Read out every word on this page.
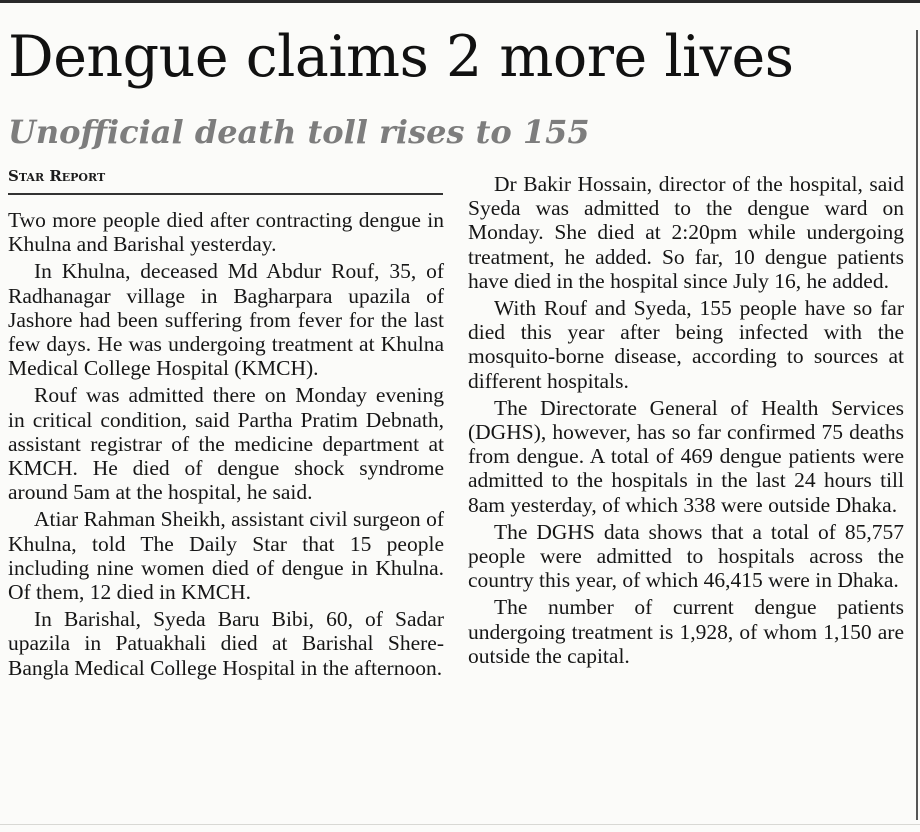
Dengue claims 2 more lives
Unofficial death toll rises to 155
Star Report

Two more people died after contracting dengue in Khulna and Barishal yesterday.

In Khulna, deceased Md Abdur Rouf, 35, of Radhanagar village in Bagharpara upazila of Jashore had been suffering from fever for the last few days. He was undergoing treatment at Khulna Medical College Hospital (KMCH).

Rouf was admitted there on Monday evening in critical condition, said Partha Pratim Debnath, assistant registrar of the medicine department at KMCH. He died of dengue shock syndrome around 5am at the hospital, he said.

Atiar Rahman Sheikh, assistant civil surgeon of Khulna, told The Daily Star that 15 people including nine women died of dengue in Khulna. Of them, 12 died in KMCH.

In Barishal, Syeda Baru Bibi, 60, of Sadar upazila in Patuakhali died at Barishal Shere-Bangla Medical College Hospital in the afternoon.

Dr Bakir Hossain, director of the hospital, said Syeda was admitted to the dengue ward on Monday. She died at 2:20pm while undergoing treatment, he added. So far, 10 dengue patients have died in the hospital since July 16, he added.

With Rouf and Syeda, 155 people have so far died this year after being infected with the mosquito-borne disease, according to sources at different hospitals.

The Directorate General of Health Services (DGHS), however, has so far confirmed 75 deaths from dengue. A total of 469 dengue patients were admitted to the hospitals in the last 24 hours till 8am yesterday, of which 338 were outside Dhaka.

The DGHS data shows that a total of 85,757 people were admitted to hospitals across the country this year, of which 46,415 were in Dhaka.

The number of current dengue patients undergoing treatment is 1,928, of whom 1,150 are outside the capital.
